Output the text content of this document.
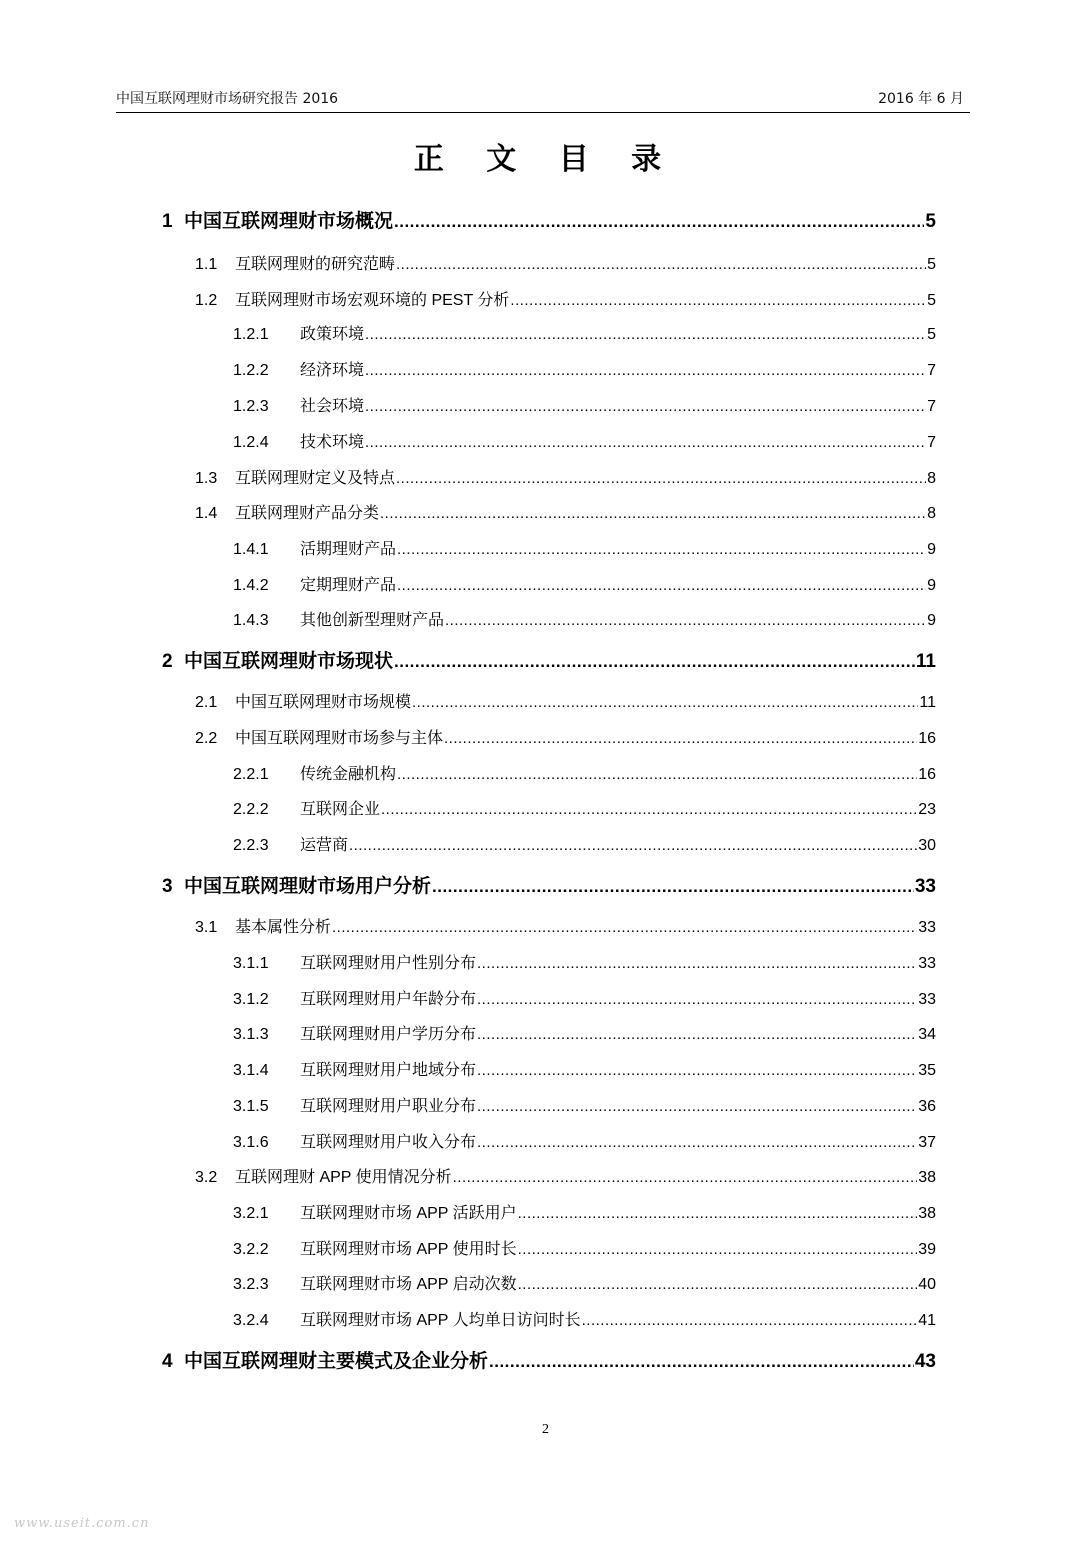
中国互联网理财市场研究报告 2016	2016 年 6 月
正 文 目 录
1 中国互联网理财市场概况 .....	5
1.1	互联网理财的研究范畴 .....	5
1.2	互联网理财市场宏观环境的 PEST 分析 .....	5
1.2.1	政策环境 .....	5
1.2.2	经济环境 .....	7
1.2.3	社会环境 .....	7
1.2.4	技术环境 .....	7
1.3	互联网理财定义及特点 .....	8
1.4	互联网理财产品分类 .....	8
1.4.1	活期理财产品 .....	9
1.4.2	定期理财产品 .....	9
1.4.3	其他创新型理财产品 .....	9
2 中国互联网理财市场现状 .....	11
2.1	中国互联网理财市场规模 .....	11
2.2	中国互联网理财市场参与主体 .....	16
2.2.1	传统金融机构 .....	16
2.2.2	互联网企业 .....	23
2.2.3	运营商 .....	30
3 中国互联网理财市场用户分析 .....	33
3.1	基本属性分析 .....	33
3.1.1	互联网理财用户性别分布 .....	33
3.1.2	互联网理财用户年龄分布 .....	33
3.1.3	互联网理财用户学历分布 .....	34
3.1.4	互联网理财用户地域分布 .....	35
3.1.5	互联网理财用户职业分布 .....	36
3.1.6	互联网理财用户收入分布 .....	37
3.2	互联网理财 APP 使用情况分析 .....	38
3.2.1	互联网理财市场 APP 活跃用户 .....	38
3.2.2	互联网理财市场 APP 使用时长 .....	39
3.2.3	互联网理财市场 APP 启动次数 .....	40
3.2.4	互联网理财市场 APP 人均单日访问时长 .....	41
4 中国互联网理财主要模式及企业分析 .....	43
2
www.useit.com.cn
